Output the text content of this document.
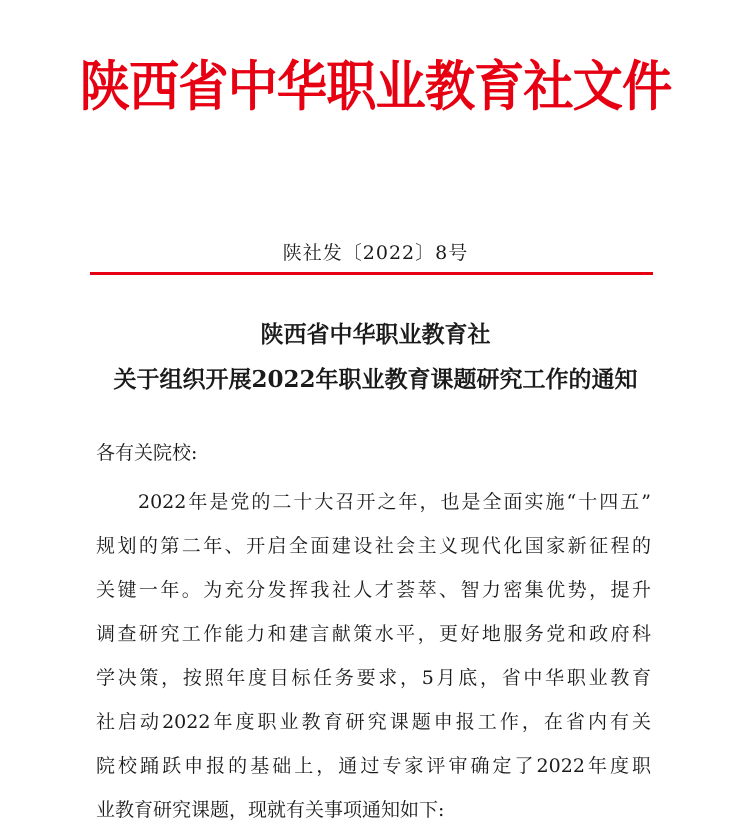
陕西省中华职业教育社文件
陕社发〔2022〕8号
陕西省中华职业教育社
关于组织开展2022年职业教育课题研究工作的通知
各有关院校:
2022年是党的二十大召开之年，也是全面实施“十四五”
规划的第二年、开启全面建设社会主义现代化国家新征程的
关键一年。为充分发挥我社人才荟萃、智力密集优势，提升
调查研究工作能力和建言献策水平，更好地服务党和政府科
学决策，按照年度目标任务要求，5月底，省中华职业教育
社启动2022年度职业教育研究课题申报工作，在省内有关
院校踊跃申报的基础上，通过专家评审确定了2022年度职
业教育研究课题，现就有关事项通知如下:
